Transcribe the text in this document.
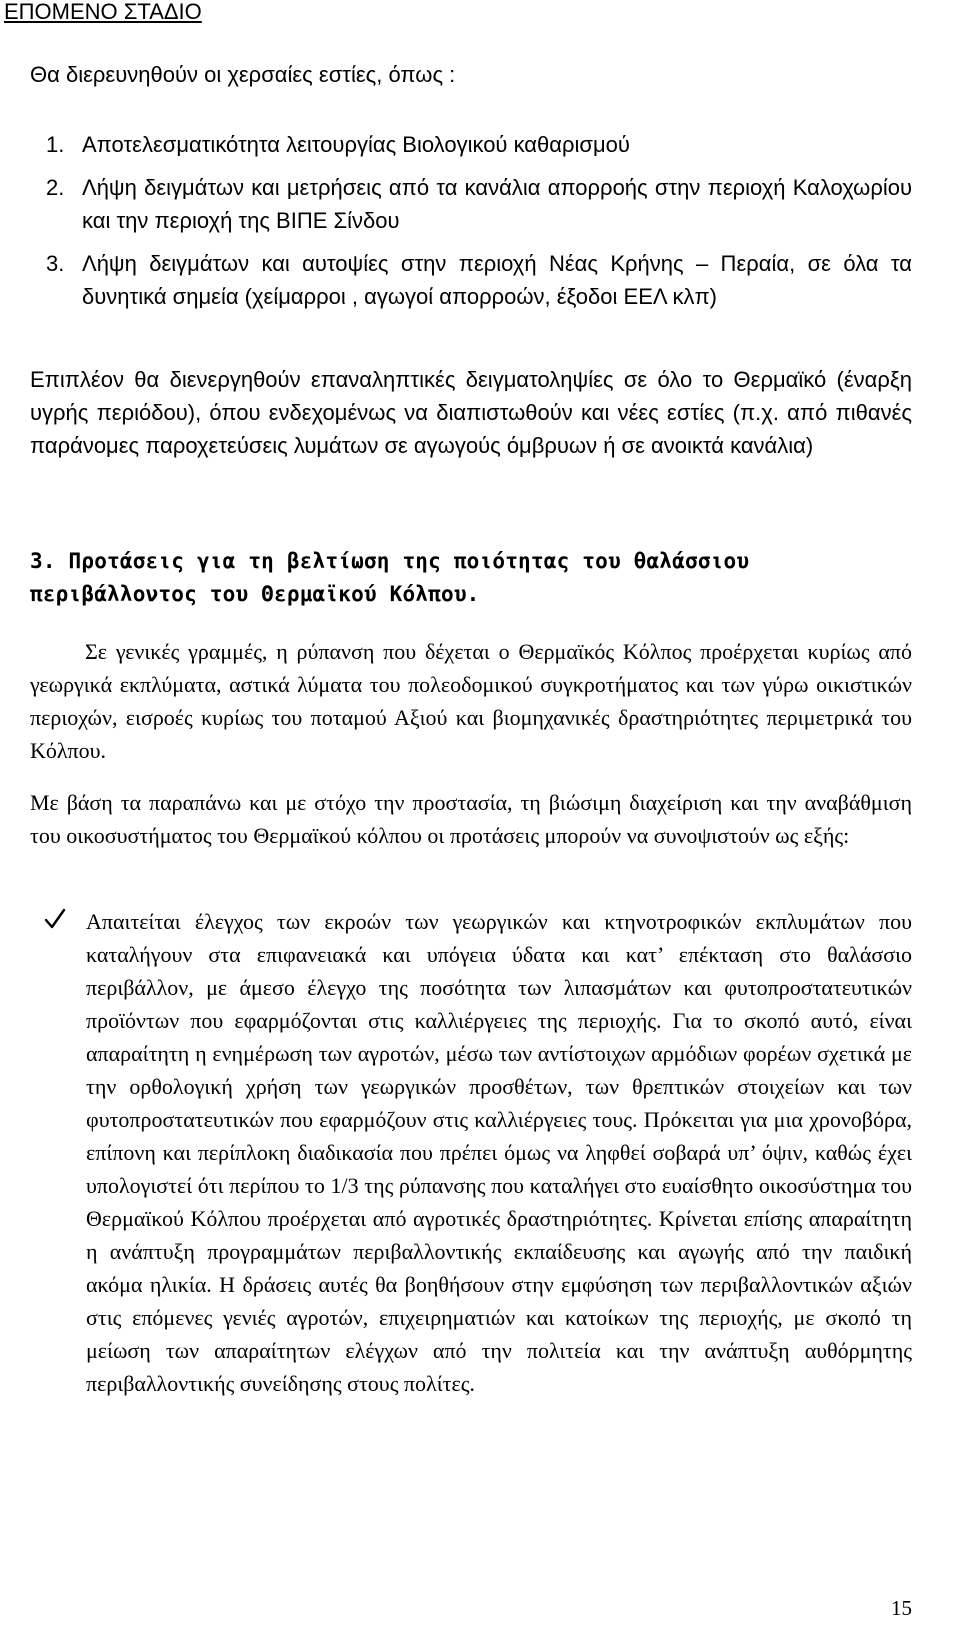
ΕΠΟΜΕΝΟ ΣΤΑΔΙΟ

Θα διερευνηθούν οι χερσαίες εστίες, όπως :

1. Αποτελεσματικότητα λειτουργίας Βιολογικού καθαρισμού
2. Λήψη δειγμάτων και μετρήσεις από τα κανάλια απορροής στην περιοχή Καλοχωρίου και την περιοχή της ΒΙΠΕ Σίνδου
3. Λήψη δειγμάτων και αυτοψίες στην περιοχή Νέας Κρήνης – Περαία, σε όλα τα δυνητικά σημεία (χείμαρροι , αγωγοί απορροών, έξοδοι ΕΕΛ κλπ)

Επιπλέον θα διενεργηθούν επαναληπτικές δειγματοληψίες σε όλο το Θερμαϊκό (έναρξη υγρής περιόδου), όπου ενδεχομένως να διαπιστωθούν και νέες εστίες (π.χ. από πιθανές παράνομες παροχετεύσεις λυμάτων σε αγωγούς όμβρυων ή σε ανοικτά κανάλια)

3. Προτάσεις για τη βελτίωση της ποιότητας του θαλάσσιου περιβάλλοντος του Θερμαϊκού Κόλπου.

Σε γενικές γραμμές, η ρύπανση που δέχεται ο Θερμαϊκός Κόλπος προέρχεται κυρίως από γεωργικά εκπλύματα, αστικά λύματα του πολεοδομικού συγκροτήματος και των γύρω οικιστικών περιοχών, εισροές κυρίως του ποταμού Αξιού και βιομηχανικές δραστηριότητες περιμετρικά του Κόλπου.

Με βάση τα παραπάνω και με στόχο την προστασία, τη βιώσιμη διαχείριση και την αναβάθμιση του οικοσυστήματος του Θερμαϊκού κόλπου οι προτάσεις μπορούν να συνοψιστούν ως εξής:

Απαιτείται έλεγχος των εκροών των γεωργικών και κτηνοτροφικών εκπλυμάτων που καταλήγουν στα επιφανειακά και υπόγεια ύδατα και κατ’ επέκταση στο θαλάσσιο περιβάλλον, με άμεσο έλεγχο της ποσότητα των λιπασμάτων και φυτοπροστατευτικών προϊόντων που εφαρμόζονται στις καλλιέργειες της περιοχής. Για το σκοπό αυτό, είναι απαραίτητη η ενημέρωση των αγροτών, μέσω των αντίστοιχων αρμόδιων φορέων σχετικά με την ορθολογική χρήση των γεωργικών προσθέτων, των θρεπτικών στοιχείων και των φυτοπροστατευτικών που εφαρμόζουν στις καλλιέργειες τους. Πρόκειται για μια χρονοβόρα, επίπονη και περίπλοκη διαδικασία που πρέπει όμως να ληφθεί σοβαρά υπ’ όψιν, καθώς έχει υπολογιστεί ότι περίπου το 1/3 της ρύπανσης που καταλήγει στο ευαίσθητο οικοσύστημα του Θερμαϊκού Κόλπου προέρχεται από αγροτικές δραστηριότητες. Κρίνεται επίσης απαραίτητη η ανάπτυξη προγραμμάτων περιβαλλοντικής εκπαίδευσης και αγωγής από την παιδική ακόμα ηλικία. Η δράσεις αυτές θα βοηθήσουν στην εμφύσηση των περιβαλλοντικών αξιών στις επόμενες γενιές αγροτών, επιχειρηματιών και κατοίκων της περιοχής, με σκοπό τη μείωση των απαραίτητων ελέγχων από την πολιτεία και την ανάπτυξη αυθόρμητης περιβαλλοντικής συνείδησης στους πολίτες.

15
